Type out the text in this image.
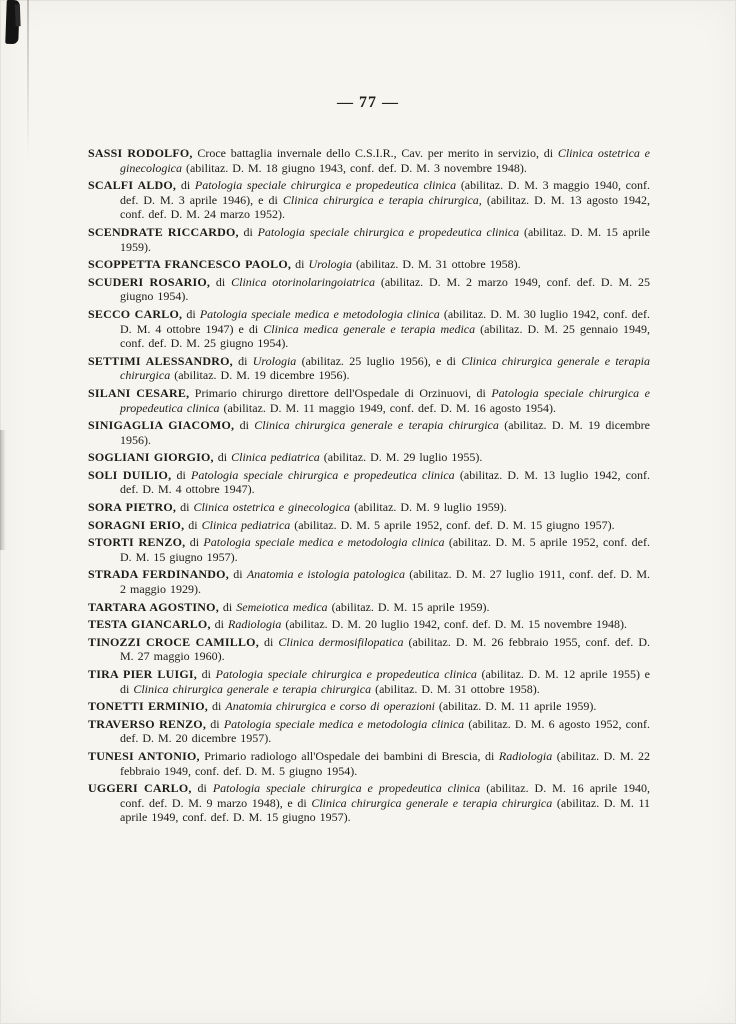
— 77 —

SASSI RODOLFO, Croce battaglia invernale dello C.S.I.R., Cav. per merito in servizio, di Clinica ostetrica e ginecologica (abilitaz. D. M. 18 giugno 1943, conf. def. D. M. 3 novembre 1948).

SCALFI ALDO, di Patologia speciale chirurgica e propedeutica clinica (abilitaz. D. M. 3 maggio 1940, conf. def. D. M. 3 aprile 1946), e di Clinica chirurgica e terapia chirurgica, (abilitaz. D. M. 13 agosto 1942, conf. def. D. M. 24 marzo 1952).

SCENDRATE RICCARDO, di Patologia speciale chirurgica e propedeutica clinica (abilitaz. D. M. 15 aprile 1959).

SCOPPETTA FRANCESCO PAOLO, di Urologia (abilitaz. D. M. 31 ottobre 1958).

SCUDERI ROSARIO, di Clinica otorinolaringoiatrica (abilitaz. D. M. 2 marzo 1949, conf. def. D. M. 25 giugno 1954).

SECCO CARLO, di Patologia speciale medica e metodologia clinica (abilitaz. D. M. 30 luglio 1942, conf. def. D. M. 4 ottobre 1947) e di Clinica medica generale e terapia medica (abilitaz. D. M. 25 gennaio 1949, conf. def. D. M. 25 giugno 1954).

SETTIMI ALESSANDRO, di Urologia (abilitaz. 25 luglio 1956), e di Clinica chirurgica generale e terapia chirurgica (abilitaz. D. M. 19 dicembre 1956).

SILANI CESARE, Primario chirurgo direttore dell'Ospedale di Orzinuovi, di Patologia speciale chirurgica e propedeutica clinica (abilitaz. D. M. 11 maggio 1949, conf. def. D. M. 16 agosto 1954).

SINIGAGLIA GIACOMO, di Clinica chirurgica generale e terapia chirurgica (abilitaz. D. M. 19 dicembre 1956).

SOGLIANI GIORGIO, di Clinica pediatrica (abilitaz. D. M. 29 luglio 1955).

SOLI DUILIO, di Patologia speciale chirurgica e propedeutica clinica (abilitaz. D. M. 13 luglio 1942, conf. def. D. M. 4 ottobre 1947).

SORA PIETRO, di Clinica ostetrica e ginecologica (abilitaz. D. M. 9 luglio 1959).

SORAGNI ERIO, di Clinica pediatrica (abilitaz. D. M. 5 aprile 1952, conf. def. D. M. 15 giugno 1957).

STORTI RENZO, di Patologia speciale medica e metodologia clinica (abilitaz. D. M. 5 aprile 1952, conf. def. D. M. 15 giugno 1957).

STRADA FERDINANDO, di Anatomia e istologia patologica (abilitaz. D. M. 27 luglio 1911, conf. def. D. M. 2 maggio 1929).

TARTARA AGOSTINO, di Semeiotica medica (abilitaz. D. M. 15 aprile 1959).

TESTA GIANCARLO, di Radiologia (abilitaz. D. M. 20 luglio 1942, conf. def. D. M. 15 novembre 1948).

TINOZZI CROCE CAMILLO, di Clinica dermosifilopatica (abilitaz. D. M. 26 febbraio 1955, conf. def. D. M. 27 maggio 1960).

TIRA PIER LUIGI, di Patologia speciale chirurgica e propedeutica clinica (abilitaz. D. M. 12 aprile 1955) e di Clinica chirurgica generale e terapia chirurgica (abilitaz. D. M. 31 ottobre 1958).

TONETTI ERMINIO, di Anatomia chirurgica e corso di operazioni (abilitaz. D. M. 11 aprile 1959).

TRAVERSO RENZO, di Patologia speciale medica e metodologia clinica (abilitaz. D. M. 6 agosto 1952, conf. def. D. M. 20 dicembre 1957).

TUNESI ANTONIO, Primario radiologo all'Ospedale dei bambini di Brescia, di Radiologia (abilitaz. D. M. 22 febbraio 1949, conf. def. D. M. 5 giugno 1954).

UGGERI CARLO, di Patologia speciale chirurgica e propedeutica clinica (abilitaz. D. M. 16 aprile 1940, conf. def. D. M. 9 marzo 1948), e di Clinica chirurgica generale e terapia chirurgica (abilitaz. D. M. 11 aprile 1949, conf. def. D. M. 15 giugno 1957).
